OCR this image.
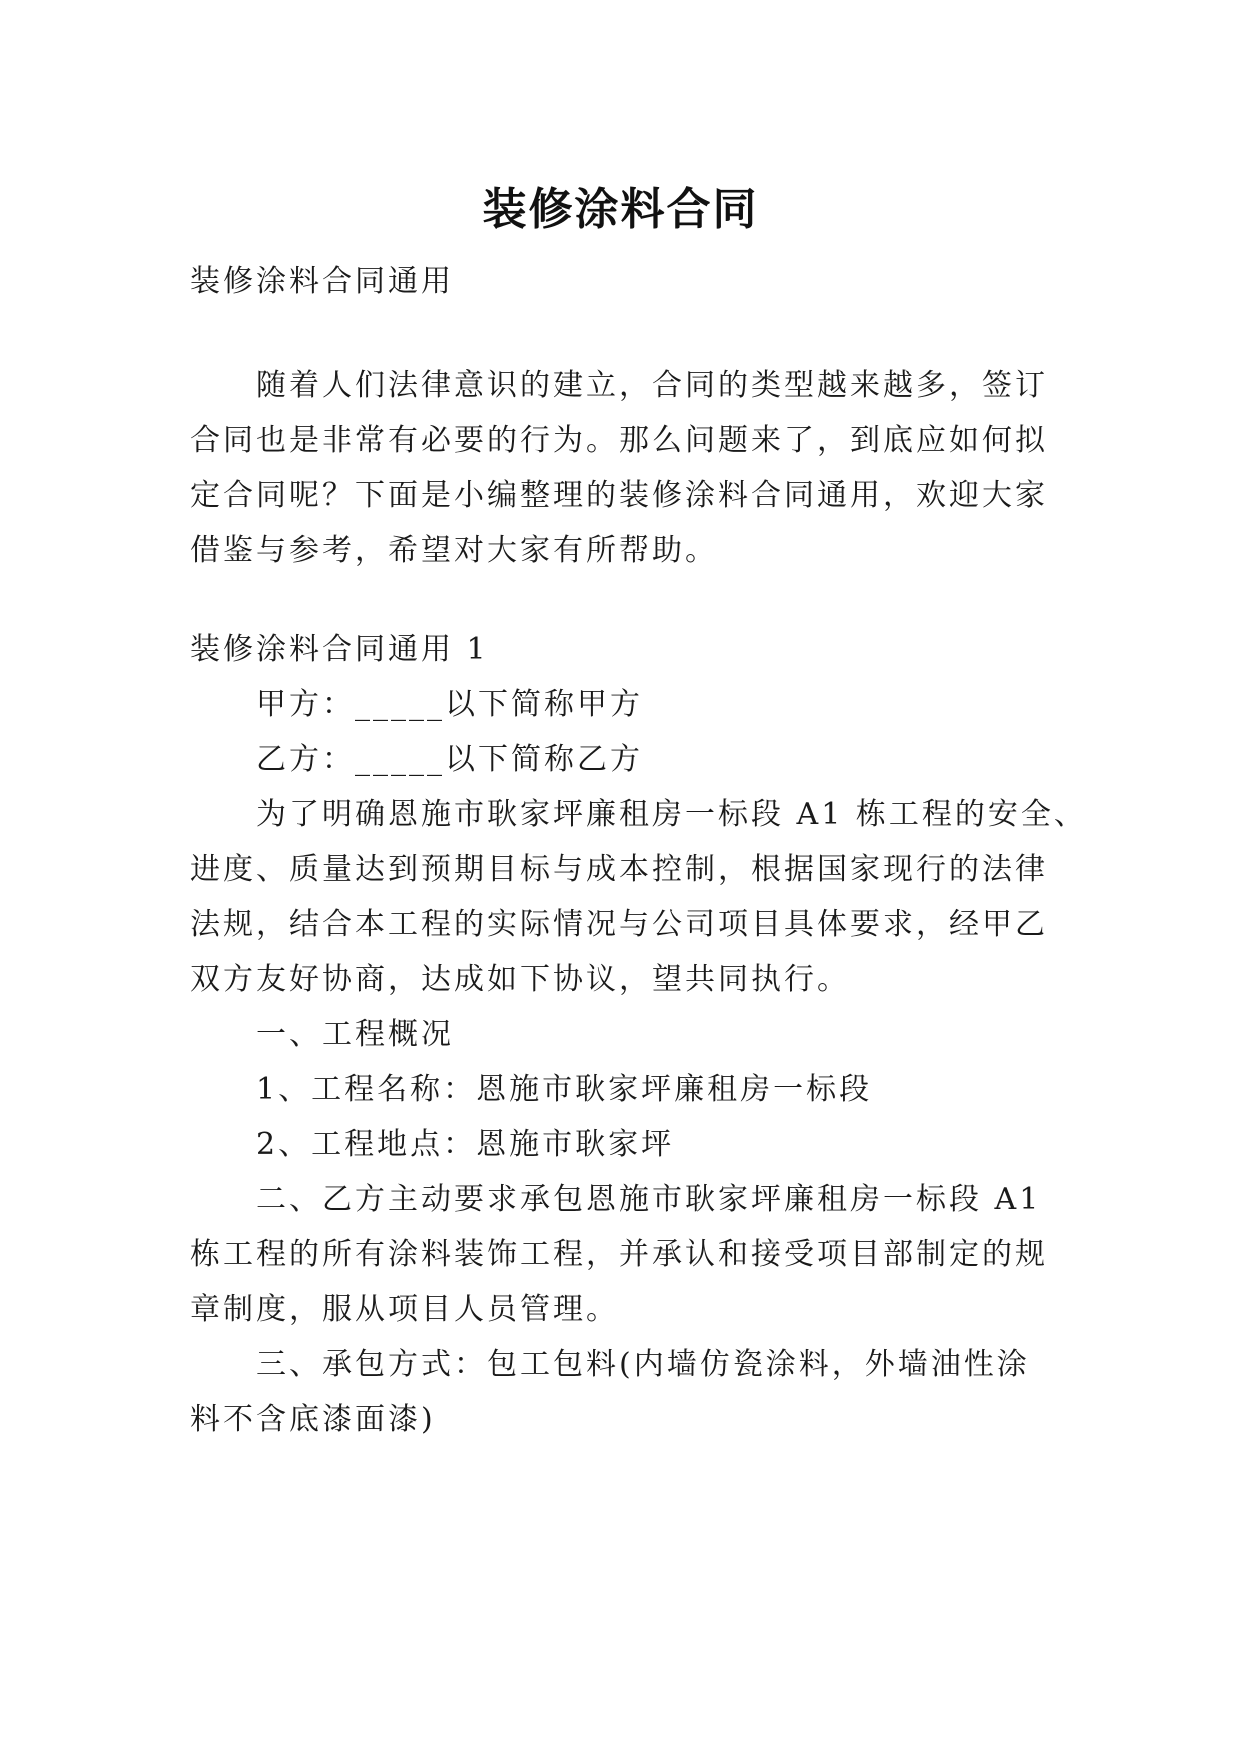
装修涂料合同

装修涂料合同通用

随着人们法律意识的建立，合同的类型越来越多，签订

合同也是非常有必要的行为。那么问题来了，到底应如何拟

定合同呢？下面是小编整理的装修涂料合同通用，欢迎大家

借鉴与参考，希望对大家有所帮助。

装修涂料合同通用 1

甲方：_____以下简称甲方

乙方：_____以下简称乙方

为了明确恩施市耿家坪廉租房一标段 A1 栋工程的安全、

进度、质量达到预期目标与成本控制，根据国家现行的法律

法规，结合本工程的实际情况与公司项目具体要求，经甲乙

双方友好协商，达成如下协议，望共同执行。

一、工程概况

1、工程名称：恩施市耿家坪廉租房一标段

2、工程地点：恩施市耿家坪

二、乙方主动要求承包恩施市耿家坪廉租房一标段 A1

栋工程的所有涂料装饰工程，并承认和接受项目部制定的规

章制度，服从项目人员管理。

三、承包方式：包工包料(内墙仿瓷涂料，外墙油性涂

料不含底漆面漆)
